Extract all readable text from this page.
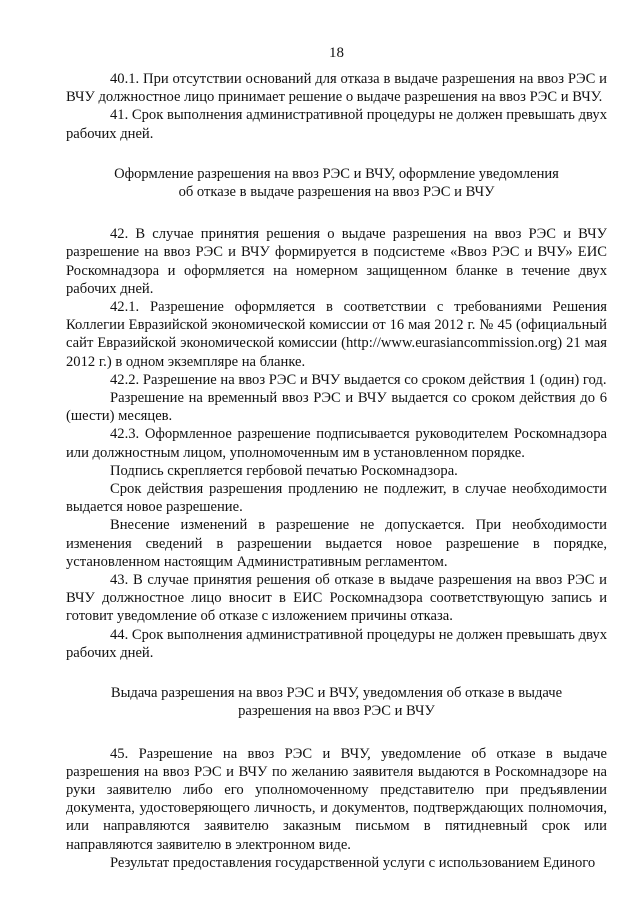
18

40.1. При отсутствии оснований для отказа в выдаче разрешения на ввоз РЭС и ВЧУ должностное лицо принимает решение о выдаче разрешения на ввоз РЭС и ВЧУ.

41. Срок выполнения административной процедуры не должен превышать двух рабочих дней.

Оформление разрешения на ввоз РЭС и ВЧУ, оформление уведомления об отказе в выдаче разрешения на ввоз РЭС и ВЧУ

42. В случае принятия решения о выдаче разрешения на ввоз РЭС и ВЧУ разрешение на ввоз РЭС и ВЧУ формируется в подсистеме «Ввоз РЭС и ВЧУ» ЕИС Роскомнадзора и оформляется на номерном защищенном бланке в течение двух рабочих дней.

42.1. Разрешение оформляется в соответствии с требованиями Решения Коллегии Евразийской экономической комиссии от 16 мая 2012 г. № 45 (официальный сайт Евразийской экономической комиссии (http://www.eurasiancommission.org) 21 мая 2012 г.) в одном экземпляре на бланке.

42.2. Разрешение на ввоз РЭС и ВЧУ выдается со сроком действия 1 (один) год.

Разрешение на временный ввоз РЭС и ВЧУ выдается со сроком действия до 6 (шести) месяцев.

42.3. Оформленное разрешение подписывается руководителем Роскомнадзора или должностным лицом, уполномоченным им в установленном порядке.

Подпись скрепляется гербовой печатью Роскомнадзора.

Срок действия разрешения продлению не подлежит, в случае необходимости выдается новое разрешение.

Внесение изменений в разрешение не допускается. При необходимости изменения сведений в разрешении выдается новое разрешение в порядке, установленном настоящим Административным регламентом.

43. В случае принятия решения об отказе в выдаче разрешения на ввоз РЭС и ВЧУ должностное лицо вносит в ЕИС Роскомнадзора соответствующую запись и готовит уведомление об отказе с изложением причины отказа.

44. Срок выполнения административной процедуры не должен превышать двух рабочих дней.

Выдача разрешения на ввоз РЭС и ВЧУ, уведомления об отказе в выдаче разрешения на ввоз РЭС и ВЧУ

45. Разрешение на ввоз РЭС и ВЧУ, уведомление об отказе в выдаче разрешения на ввоз РЭС и ВЧУ по желанию заявителя выдаются в Роскомнадзоре на руки заявителю либо его уполномоченному представителю при предъявлении документа, удостоверяющего личность, и документов, подтверждающих полномочия, или направляются заявителю заказным письмом в пятидневный срок или направляются заявителю в электронном виде.

Результат предоставления государственной услуги с использованием Единого
